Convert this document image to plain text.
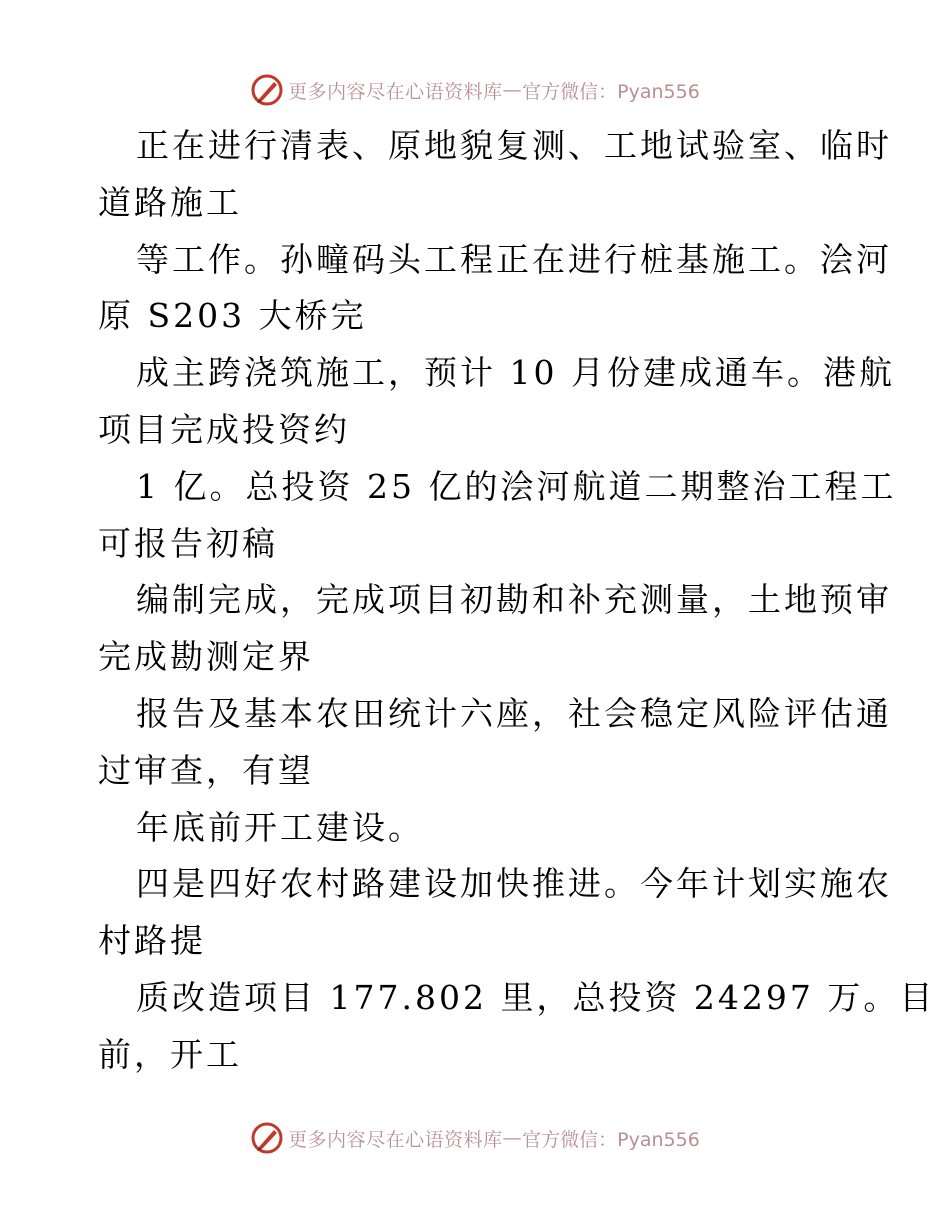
更多内容尽在心语资料库 — 官方微信：Pyan556
正在进行清表、原地貌复测、工地试验室、临时
道路施工
等工作。孙疃码头工程正在进行桩基施工。浍河
原 S203 大桥完
成主跨浇筑施工，预计 10 月份建成通车。港航
项目完成投资约
1 亿。总投资 25 亿的浍河航道二期整治工程工
可报告初稿
编制完成，完成项目初勘和补充测量，土地预审
完成勘测定界
报告及基本农田统计六座，社会稳定风险评估通
过审查，有望
年底前开工建设。
四是四好农村路建设加快推进。今年计划实施农
村路提
质改造项目 177.802 里，总投资 24297 万。目
前，开工
更多内容尽在心语资料库 — 官方微信：Pyan556
